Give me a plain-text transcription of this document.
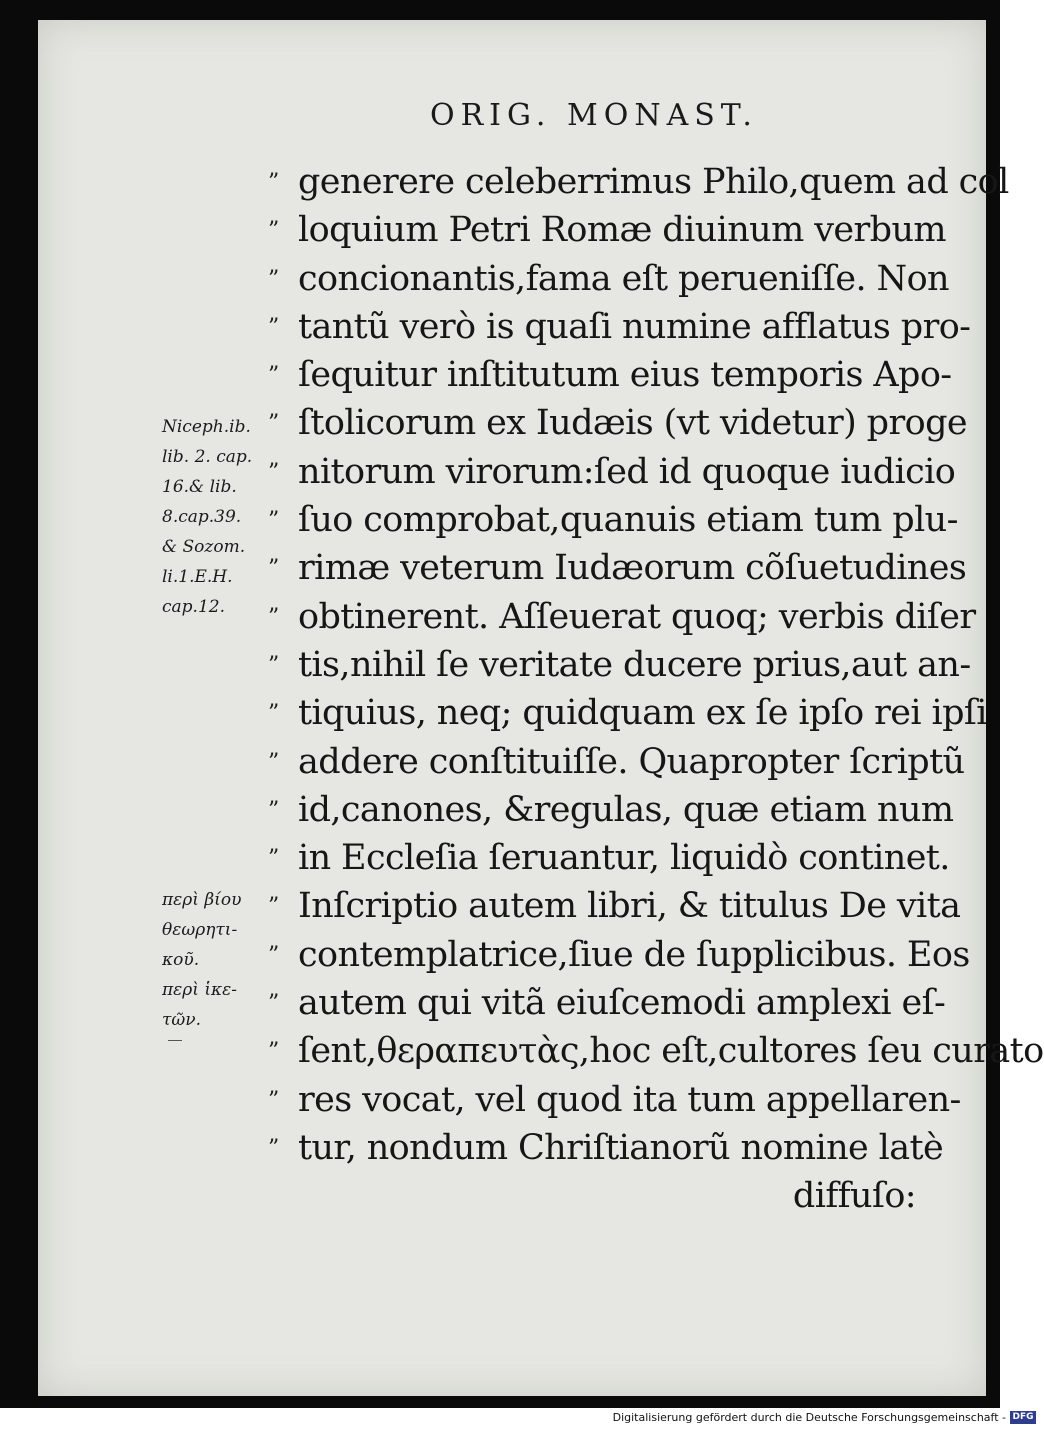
ORIG. MONAST.
” generere celeberrimus Philo,quem ad col
” loquium Petri Romæ diuinum verbum
” concionantis,fama eſt perueniſſe. Non
” tantũ verò is quaſi numine afflatus pro-
” ſequitur inſtitutum eius temporis Apo-
” ſtolicorum ex Iudæis (vt videtur) proge
” nitorum virorum:ſed id quoque iudicio
” ſuo comprobat,quanuis etiam tum plu-
” rimæ veterum Iudæorum cõſuetudines
” obtinerent. Aſſeuerat quoq; verbis diſer
” tis,nihil ſe veritate ducere prius,aut an-
” tiquius, neq; quidquam ex ſe ipſo rei ipſi
” addere conſtituiſſe. Quapropter ſcriptũ
” id,canones, &regulas, quæ etiam num
” in Eccleſia ſeruantur, liquidò continet.
” Inſcriptio autem libri, & titulus De vita
” contemplatrice,ſiue de ſupplicibus. Eos
” autem qui vitã eiuſcemodi amplexi eſ-
” ſent,θεραπευτὰς,hoc eſt,cultores ſeu curato
” res vocat, vel quod ita tum appellaren-
” tur, nondum Chriſtianorũ nomine latè
diffuſo:
Niceph.ib.
lib. 2. cap.
16.& lib.
8.cap.39.
& Sozom.
li.1.E.H.
cap.12.
περὶ βίου
θεωρητι-
κοῦ.
περὶ ἱκε-
τῶν.
Digitalisierung gefördert durch die Deutsche Forschungsgemeinschaft - DFG
